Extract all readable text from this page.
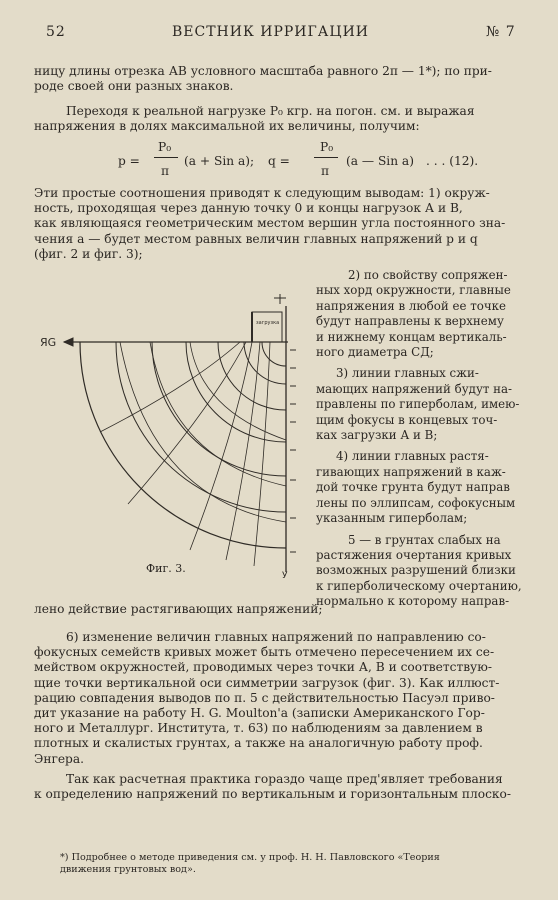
52	ВЕСТНИК ИРРИГАЦИИ	№ 7
ницу длины отрезка АВ условного масштаба равного 2π — 1*); по при-
роде своей они разных знаков.
Переходя к реальной нагрузке P₀ кгр. на погон. см. и выражая
напряжения в долях максимальной их величины, получим:
p =
P₀
π
(a + Sin a); q =
P₀
π
(a — Sin a) . . . (12).
Эти простые соотношения приводят к следующим выводам: 1) окруж-
ность, проходящая через данную точку 0 и концы нагрузок А и В,
как являющаяся геометрическим местом вершин угла постоянного зна-
чения а — будет местом равных величин главных напряжений p и q
(фиг. 2 и фиг. 3);
ЯG
загрузка
У
Фиг. 3.
2) по свойству сопряжен-
ных хорд окружности, главные
напряжения в любой ее точке
будут направлены к верхнему
и нижнему концам вертикаль-
ного диаметра СД;
3) линии главных сжи-
мающих напряжений будут на-
правлены по гиперболам, имею-
щим фокусы в концевых точ-
ках загрузки А и В;
4) линии главных растя-
гивающих напряжений в каж-
дой точке грунта будут направ
лены по эллипсам, софокусным
указанным гиперболам;
5 — в грунтах слабых на
растяжения очертания кривых
возможных разрушений близки
к гиперболическому очертанию,
нормально к которому направ-
лено действие растягивающих напряжений;
6) изменение величин главных напряжений по направлению со-
фокусных семейств кривых может быть отмечено пересечением их се-
мейством окружностей, проводимых через точки А, В и соответствую-
щие точки вертикальной оси симметрии загрузок (фиг. 3). Как иллюст-
рацию совпадения выводов по п. 5 с действительностью Пасуэл приво-
дит указание на работу H. G. Moulton'a (записки Американского Гор-
ного и Металлург. Института, т. 63) по наблюдениям за давлением в
плотных и скалистых грунтах, а также на аналогичную работу проф.
Энгера.
Так как расчетная практика гораздо чаще пред'являет требования
к определению напряжений по вертикальным и горизонтальным плоско-
*) Подробнее о методе приведения см. у проф. Н. Н. Павловского «Теория
движения грунтовых вод».
